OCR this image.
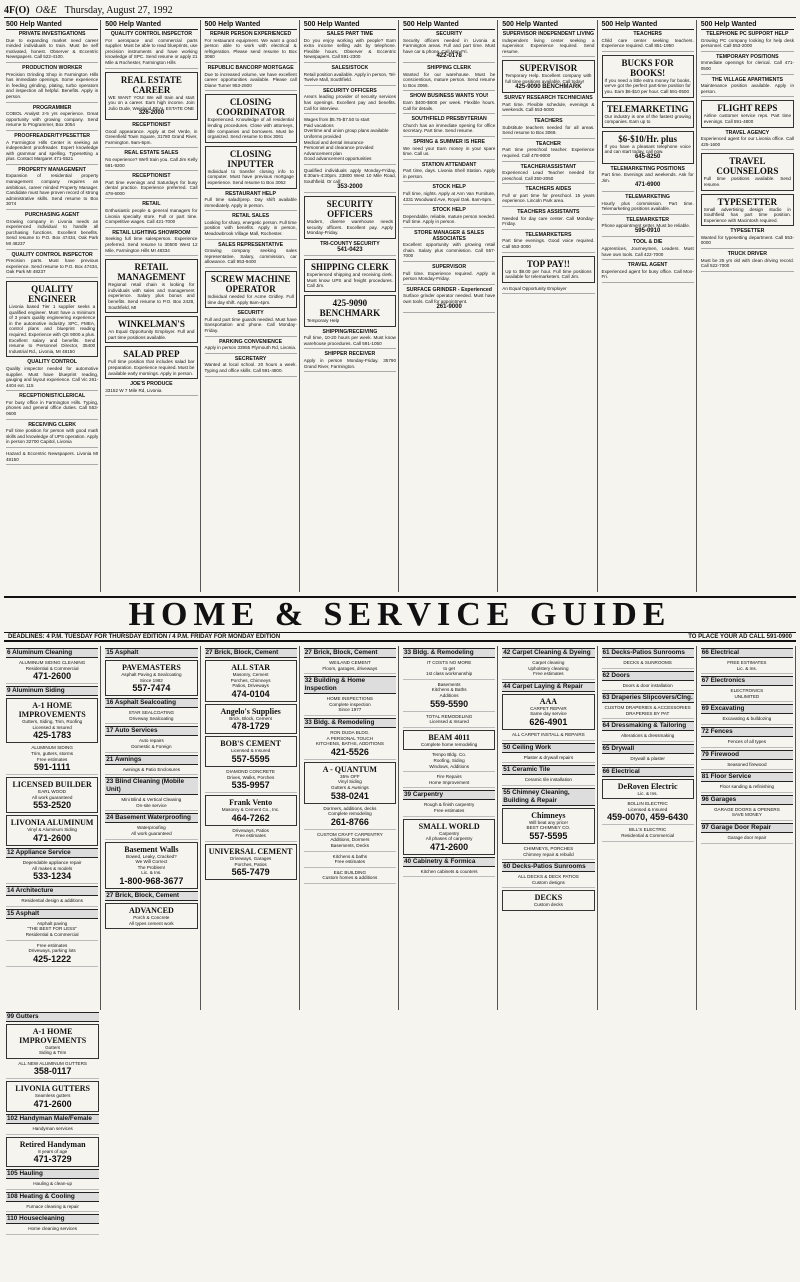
4F(O) O&E Thursday, August 27, 1992
500 Help Wanted
PRIVATE INVESTIGATIONS
Due to expanding market need career minded individuals to train. Must be self motivated, honest. Observer & Eccentric Newspapers. Call 522-4100.
PRODUCTION WORKER
Precision Grinding Shop in Farmington Hills has immediate openings. Some experience in feeding grinding, plating, turbo operators and inspection all helpful. Benefits. Apply in person.
PROGRAMMER
COBOL Analyst 2-5 yrs experience. Great opportunity with growing company. Send resume to Programmer, Box 3054
PROOFREADER/TYPESETTER
A Farmington Hills Center is seeking an independent proofreader. Expert knowledge with grammar and spelling. Typesetting a plus. Contact Margaret 471-5521
PROPERTY MANAGEMENT
Expansion of residential property management company requires an ambitious, career minded Property Manager. Candidate must have proven record of strong administrative skills. Send resume to Box 3074
PURCHASING AGENT
Growing company in Livonia needs an experienced individual to handle all purchasing functions. Excellent benefits. Send resume to P.O. Box 47434, Oak Park MI 48237
QUALITY CONTROL INSPECTOR
Precision parts. Must have previous experience. Send resume to P.O. Box 47434, Oak Park MI 48237
QUALITY ENGINEER
Livonia based Tier 1 supplier seeks a qualified engineer. Must have a minimum of 3 years quality engineering experience in the automotive industry. SPC, FMEA, control plans and blueprint reading required. Experience with QS 9000 a plus. Excellent salary and benefits. Send resume to Personnel Director, 35400 Industrial Rd., Livonia, MI 48150
QUALITY CONTROL
Quality inspector needed for automotive supplier. Must have blueprint reading, gauging and layout experience. Call Vic 261-4404 ext. 115
RECEPTIONIST/CLERICAL
For busy office in Farmington Hills. Typing, phones and general office duties. Call 553-0600
RECEIVING CLERK
Full time position for person with good math skills and knowledge of UPS operation. Apply in person 32700 Capitol, Livonia
Hazard & Eccentric Newspapers. Livonia MI 48150
500 Help Wanted
QUALITY CONTROL INSPECTOR
For aerospace and commercial parts supplier. Must be able to read blueprints, use precision instruments and have working knowledge of SPC. Send resume or apply 21 Mile & Rochester, Farmington Hills
REAL ESTATE CAREER
WE WANT YOU! We will train and start you on a career. Earn high income. Join Julio Dude, Weisland REAL ESTATE ONE
326-2000
RECEPTIONIST
Good appearance. Apply at Del Verde, in Greenfield Town Square, 31780 Grand River, Farmington. 9am-5pm.
REAL ESTATE SALES
No experience? We'll train you. Call Jim Kelly 591-9200
RECEPTIONIST
Part time evenings and Saturdays for busy dental practice. Experience preferred. Call 478-6000
RETAIL
Enthusiastic people & general managers for Livonia specialty store. Full or part time. Competitive wages. Call 421-7000
RETAIL LIGHTING SHOWROOM
Seeking full time salesperson. Experience preferred. Send resume to 30500 West 12 Mile, Farmington Hills MI 48334
RETAIL MANAGEMENT
Regional retail chain is looking for individuals with sales and management experience. Salary plus bonus and benefits. Send resume to P.O. Box 2428, Southfield, MI
WINKELMAN'S
An Equal Opportunity Employer. Full and part time positions available.
SALAD PREP
Full time position that includes salad bar preparation. Experience required. Must be available early mornings. Apply in person.
JOE'S PRODUCE
33152 W 7 Mile Rd, Livonia
500 Help Wanted
REPAIR PERSON EXPERIENCED
For restaurant equipment. We want a good person able to work with electrical & refrigeration. Please send resume to Box 3060
REPUBLIC BANCORP MORTGAGE
Due to increased volume, we have excellent career opportunities available. Please call Diane Turner 953-2600
CLOSING COORDINATOR
Experienced. Knowledge of all residential lending procedures. Close with attorneys, title companies and borrowers. Must be organized. Send resume to Box 3061
CLOSING INPUTTER
Individual to transfer closing info to computer. Must have previous mortgage experience. Send resume to Box 3062
RESTAURANT HELP
Full time salad/prep. Day shift available immediately. Apply in person.
RETAIL SALES
Looking for sharp, energetic person. Full time position with benefits. Apply in person, Meadowbrook Village Mall, Rochester.
SALES REPRESENTATIVE
Growing company seeking sales representative. Salary, commission, car allowance. Call 953-9400
SCREW MACHINE OPERATOR
Individual needed for Acme Gridley. Full time day shift. Apply 8am-4pm.
SECURITY
Full and part time guards needed. Must have transportation and phone. Call Monday-Friday.
PARKING CONVENIENCE
Apply in person 33955 Plymouth Rd, Livonia.
SECRETARY
Wanted at local school. 20 hours a week. Typing and office skills. Call 591-4800.
500 Help Wanted
SALES PART TIME
Do you enjoy working with people? Earn extra income selling ads by telephone. Flexible hours. Observer & Eccentric Newspapers. Call 591-2300
SALES/STOCK
Retail position available. Apply in person, Tel-Twelve Mall, Southfield.
SECURITY OFFICERS
Area's leading provider of security services has openings. Excellent pay and benefits. Call for interview.
Wages from $5.75-$7.50 to start
Paid vacations
Overtime and union group plans available
Uniforms provided
Medical and dental insurance
Personnel and clearance provided
Advancement plan
Good advancement opportunities
Qualified individuals apply Monday-Friday, 8:30am-4:30pm. 23800 West 10 Mile Road, Southfield. Or call:
353-2000
SECURITY OFFICERS
Modern, diverse warehouse needs security officers. Excellent pay. Apply Monday-Friday.
TRI-COUNTY SECURITY
541-0423
SHIPPING CLERK
Experienced shipping and receiving clerk. Must know UPS and freight procedures. Call Jim.
425-9090 BENCHMARK
Temporary Help
SHIPPING/RECEIVING
Full time, 10-20 hours per week. Must know warehouse procedures. Call 591-1050
SHIPPER RECEIVER
Apply in person Monday-Friday. 35790 Grand River, Farmington.
500 Help Wanted
SECURITY
Security officers needed in Livonia & Farmington areas. Full and part time. Must have car & phone. Call Mon-Fri.
422-0178
SHIPPING CLERK
Wanted for our warehouse. Must be conscientious, mature person. Send resume to Box 3066.
SHOW BUSINESS WANTS YOU!
Earn $400-$600 per week. Flexible hours. Call for details.
SOUTHFIELD PRESBYTERIAN
Church has an immediate opening for office secretary. Part time. Send resume.
SPRING & SUMMER IS HERE
We need you! Earn money in your spare time. Call us.
STATION ATTENDANT
Part time, days. Livonia Shell Station. Apply in person.
STOCK HELP
Full time, nights. Apply at Ann Van Furniture, 4331 Woodward Ave, Royal Oak. 8am-5pm.
STOCK HELP
Dependable, reliable, mature person needed. Full time. Apply in person.
STORE MANAGER & SALES ASSOCIATES
Excellent opportunity with growing retail chain. Salary plus commission. Call 557-7000
SUPERVISOR
Full time. Experience required. Apply in person Monday-Friday.
SURFACE GRINDER - Experienced
Surface grinder operator needed. Must have own tools. Call for appointment.
261-9000
500 Help Wanted
SUPERVISOR INDEPENDENT LIVING
Independent living center seeking a supervisor. Experience required. Send resume.
SUPERVISOR
Temporary Help. Excellent company with full time positions available. Call today!
425-9090 BENCHMARK
SURVEY RESEARCH TECHNICIANS
Part time. Flexible schedule, evenings & weekends. Call 553-5000
TEACHERS
Substitute teachers needed for all areas. Send resume to Box 3069.
TEACHER
Part time preschool teacher. Experience required. Call 478-9000
TEACHER/ASSISTANT
Experienced Lead Teacher needed for preschool. Call 350-2050
TEACHERS AIDES
Full or part time for preschool. 15 years experience. Lincoln Park area.
TEACHERS ASSISTANTS
Needed for day care center. Call Monday-Friday.
TELEMARKETERS
Part time evenings. Good voice required. Call 553-3000
TOP PAY!!
Up to $9.00 per hour. Full time positions available for telemarketers. Call Jim.
An Equal Opportunity Employer
500 Help Wanted
TEACHERS
Child care center seeking teachers. Experience required. Call 851-1950
BUCKS FOR BOOKS!
If you need a little extra money for books, we've got the perfect part-time position for you. Earn $6-$10 per hour. Call 591-0500
TELEMARKETING
Our industry is one of the fastest growing companies. Earn up to
$6-$10/Hr. plus
If you have a pleasant telephone voice and can start today, call now.
645-8250
TELEMARKETING POSITIONS
Part time. Evenings and weekends. Ask for Jim.
471-6900
TELEMARKETING
Hourly plus commission. Part time. Telemarketing positions available.
TELEMARKETER
Phone appointment setter. Must be reliable.
595-0910
TOOL & DIE
Apprentices, Journeymen, Leaders. Must have own tools. Call 422-7000
TRAVEL AGENT
Experienced agent for busy office. Call Mon-Fri.
500 Help Wanted
TELEPHONE PC SUPPORT HELP
Growing PC company looking for help desk personnel. Call 553-2000
TEMPORARY POSITIONS
Immediate openings for clerical. Call 471-0500
THE VILLAGE APARTMENTS
Maintenance position available. Apply in person.
FLIGHT REPS
Airline customer service reps. Part time evenings. Call 591-4800
TRAVEL AGENCY
Experienced agent for our Livonia office. Call 425-1600
TRAVEL COUNSELORS
Full time positions available. Send resume.
TYPESETTER
Small advertising design studio in Southfield has part time position. Experience with Macintosh required.
TYPESETTER
Wanted for typesetting department. Call 553-0000
TRUCK DRIVER
Must be 25 yrs old with clean driving record. Call 522-7000
HOME & SERVICE GUIDE
DEADLINES: 4 P.M. TUESDAY FOR THURSDAY EDITION / 4 P.M. FRIDAY FOR MONDAY EDITION	TO PLACE YOUR AD CALL 591-0900
6 Aluminum Cleaning
ALUMINUM SIDING CLEANING
Residential & Commercial
471-2600
9 Aluminum Siding
A-1 HOME IMPROVEMENTS
Gutters, Siding, Trim, Roofing
Licensed & Insured
425-1783
ALUMINUM SIDING
Trim, gutters, storms
Free estimates
591-1111
LICENSED BUILDER
EARL WOOD
All work guaranteed
553-2520
LIVONIA ALUMINUM
Vinyl & Aluminum Siding
471-2600
12 Appliance Service
Dependable appliance repair
All makes & models
533-1234
14 Architecture
Residential design & additions
15 Asphalt
Asphalt paving
"THE BEST FOR LESS"
Residential & Commercial
Free estimates
Driveways, parking lots
425-1222
15 Asphalt
PAVEMASTERS
Asphalt Paving & Sealcoating
Since 1982
557-7474
16 Asphalt Sealcoating
STAR SEALCOATING
Driveway Sealcoating
17 Auto Services
Auto repairs
Domestic & Foreign
21 Awnings
Awnings & Patio Enclosures
23 Blind Cleaning (Mobile Unit)
Mini Blind & Vertical Cleaning
On-site service
24 Basement Waterproofing
Waterproofing
All work guaranteed
Basement Walls
Bowed, Leaky, Cracked?
We Will Correct
The Problem!
Lic. & Ins.
1-800-968-3677
27 Brick, Block, Cement
ADVANCED
Porch & Concrete
All types cement work
27 Brick, Block, Cement
ALL STAR
Masonry, Cement
Porches, Chimneys
Patios, Driveways
474-0104
Angelo's Supplies
Brick, Block, Cement
478-1729
BOB'S CEMENT
Licensed & Insured
557-5595
DIAMOND CONCRETE
Drives, Walks, Porches
535-9957
Frank Vento
Masonry & Cement Co., Inc.
464-7262
Driveways, Patios
Free estimates
UNIVERSAL CEMENT
Driveways, Garages
Porches, Patios
565-7479
27 Brick, Block, Cement
WEILAND CEMENT
Floors, garages, driveways
32 Building & Home Inspection
HOME INSPECTIONS
Complete inspection
Since 1977
33 Bldg. & Remodeling
RON DUDA BLDG.
A PERSONAL TOUCH
KITCHENS, BATHS, ADDITIONS
421-5526
A - QUANTUM
35% OFF
Vinyl Siding
Gutters & Awnings
538-0241
Dormers, additions, decks
Complete remodeling
261-8766
CUSTOM CRAFT CARPENTRY
Additions, Dormers
Basements, Decks
Kitchens & baths
Free estimates
E&C BUILDING
Custom homes & additions
33 Bldg. & Remodeling
IT COSTS NO MORE
to get
1st class workmanship
Basements
Kitchens & Baths
Additions
559-5590
TOTAL REMODELING
Licensed & Insured
BEAM 4011
Complete home remodeling
Tempo Bldg. Co.
Roofing, Siding
Windows, Additions
Fire Repairs
Home Improvement
39 Carpentry
Rough & finish carpentry
Free estimates
SMALL WORLD
Carpentry
All phases of carpentry
471-2600
40 Cabinetry & Formica
Kitchen cabinets & counters
42 Carpet Cleaning & Dyeing
Carpet cleaning
Upholstery cleaning
Free estimates
44 Carpet Laying & Repair
AAA
CARPET REPAIR
Same day service
626-4901
ALL CARPET INSTALL & REPAIRS
50 Ceiling Work
Plaster & drywall repairs
51 Ceramic Tile
Ceramic tile installation
55 Chimney Cleaning, Building & Repair
Chimneys
Will beat any price!
BEST CHIMNEY CO.
557-5595
CHIMNEYS, PORCHES
Chimney repair & rebuild
60 Decks-Patios Sunrooms
ALL DECKS & DECK PATIOS
Custom designs
DECKS
Custom decks
61 Decks-Patios Sunrooms
DECKS & SUNROOMS
62 Doors
Doors & door installation
63 Draperies Slipcovers/Clng.
CUSTOM DRAPERIES & ACCESSORIES
DRAPERIES BY PAT
64 Dressmaking & Tailoring
Alterations & dressmaking
65 Drywall
Drywall & plaster
66 Electrical
DeRoven Electric
Lic. & Ins.
BOLLIN ELECTRIC
Licensed & Insured
459-0070, 459-6430
BILL'S ELECTRIC
Residential & Commercial
66 Electrical
FREE ESTIMATES
Lic. & Ins.
67 Electronics
ELECTRONICS
UNLIMITED
69 Excavating
Excavating & bulldozing
72 Fences
Fences of all types
79 Firewood
Seasoned firewood
81 Floor Service
Floor sanding & refinishing
96 Garages
GARAGE DOORS & OPENERS
SAVE MONEY
97 Garage Door Repair
Garage door repair
99 Gutters
A-1 HOME IMPROVEMENTS
Gutters
Siding & Trim
ALL NEW ALUMINUM GUTTERS
358-0117
LIVONIA GUTTERS
Seamless gutters
471-2600
102 Handyman Male/Female
Handyman services
Retired Handyman
8 years of age
471-3729
105 Hauling
Hauling & clean-up
108 Heating & Cooling
Furnace cleaning & repair
110 Housecleaning
Home cleaning services
